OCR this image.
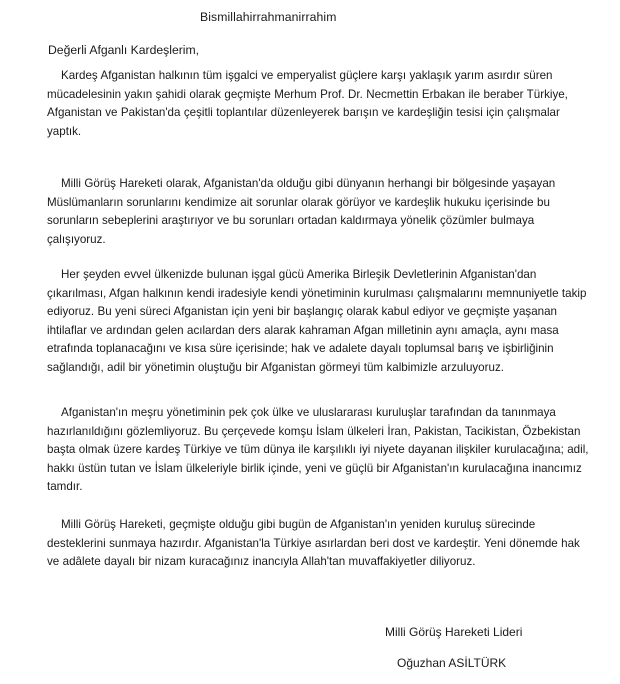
Bismillahirrahmanirrahim
Değerli Afganlı Kardeşlerim,
Kardeş Afganistan halkının tüm işgalci ve emperyalist güçlere karşı yaklaşık yarım asırdır süren mücadelesinin yakın şahidi olarak geçmişte Merhum Prof. Dr. Necmettin Erbakan ile beraber Türkiye, Afganistan ve Pakistan'da çeşitli toplantılar düzenleyerek barışın ve kardeşliğin tesisi için çalışmalar yaptık.
Milli Görüş Hareketi olarak, Afganistan'da olduğu gibi dünyanın herhangi bir bölgesinde yaşayan Müslümanların sorunlarını kendimize ait sorunlar olarak görüyor ve kardeşlik hukuku içerisinde bu sorunların sebeplerini araştırıyor ve bu sorunları ortadan kaldırmaya yönelik çözümler bulmaya çalışıyoruz.
Her şeyden evvel ülkenizde bulunan işgal gücü Amerika Birleşik Devletlerinin Afganistan'dan çıkarılması, Afgan halkının kendi iradesiyle kendi yönetiminin kurulması çalışmalarını memnuniyetle takip ediyoruz. Bu yeni süreci Afganistan için yeni bir başlangıç olarak kabul ediyor ve geçmişte yaşanan ihtilaflar ve ardından gelen acılardan ders alarak kahraman Afgan milletinin aynı amaçla, aynı masa etrafında toplanacağını ve kısa süre içerisinde; hak ve adalete dayalı toplumsal barış ve işbirliğinin sağlandığı, adil bir yönetimin oluştuğu bir Afganistan görmeyi tüm kalbimizle arzuluyoruz.
Afganistan'ın meşru yönetiminin pek çok ülke ve uluslararası kuruluşlar tarafından da tanınmaya hazırlanıldığını gözlemliyoruz. Bu çerçevede komşu İslam ülkeleri İran, Pakistan, Tacikistan, Özbekistan başta olmak üzere kardeş Türkiye ve tüm dünya ile karşılıklı iyi niyete dayanan ilişkiler kurulacağına; adil, hakkı üstün tutan ve İslam ülkeleriyle birlik içinde, yeni ve güçlü bir Afganistan'ın kurulacağına inancımız tamdır.
Milli Görüş Hareketi, geçmişte olduğu gibi bugün de Afganistan'ın yeniden kuruluş sürecinde desteklerini sunmaya hazırdır. Afganistan'la Türkiye asırlardan beri dost ve kardeştir. Yeni dönemde hak ve adâlete dayalı bir nizam kuracağınız inancıyla Allah'tan muvaffakiyetler diliyoruz.
Milli Görüş Hareketi Lideri
Oğuzhan ASİLTÜRK
